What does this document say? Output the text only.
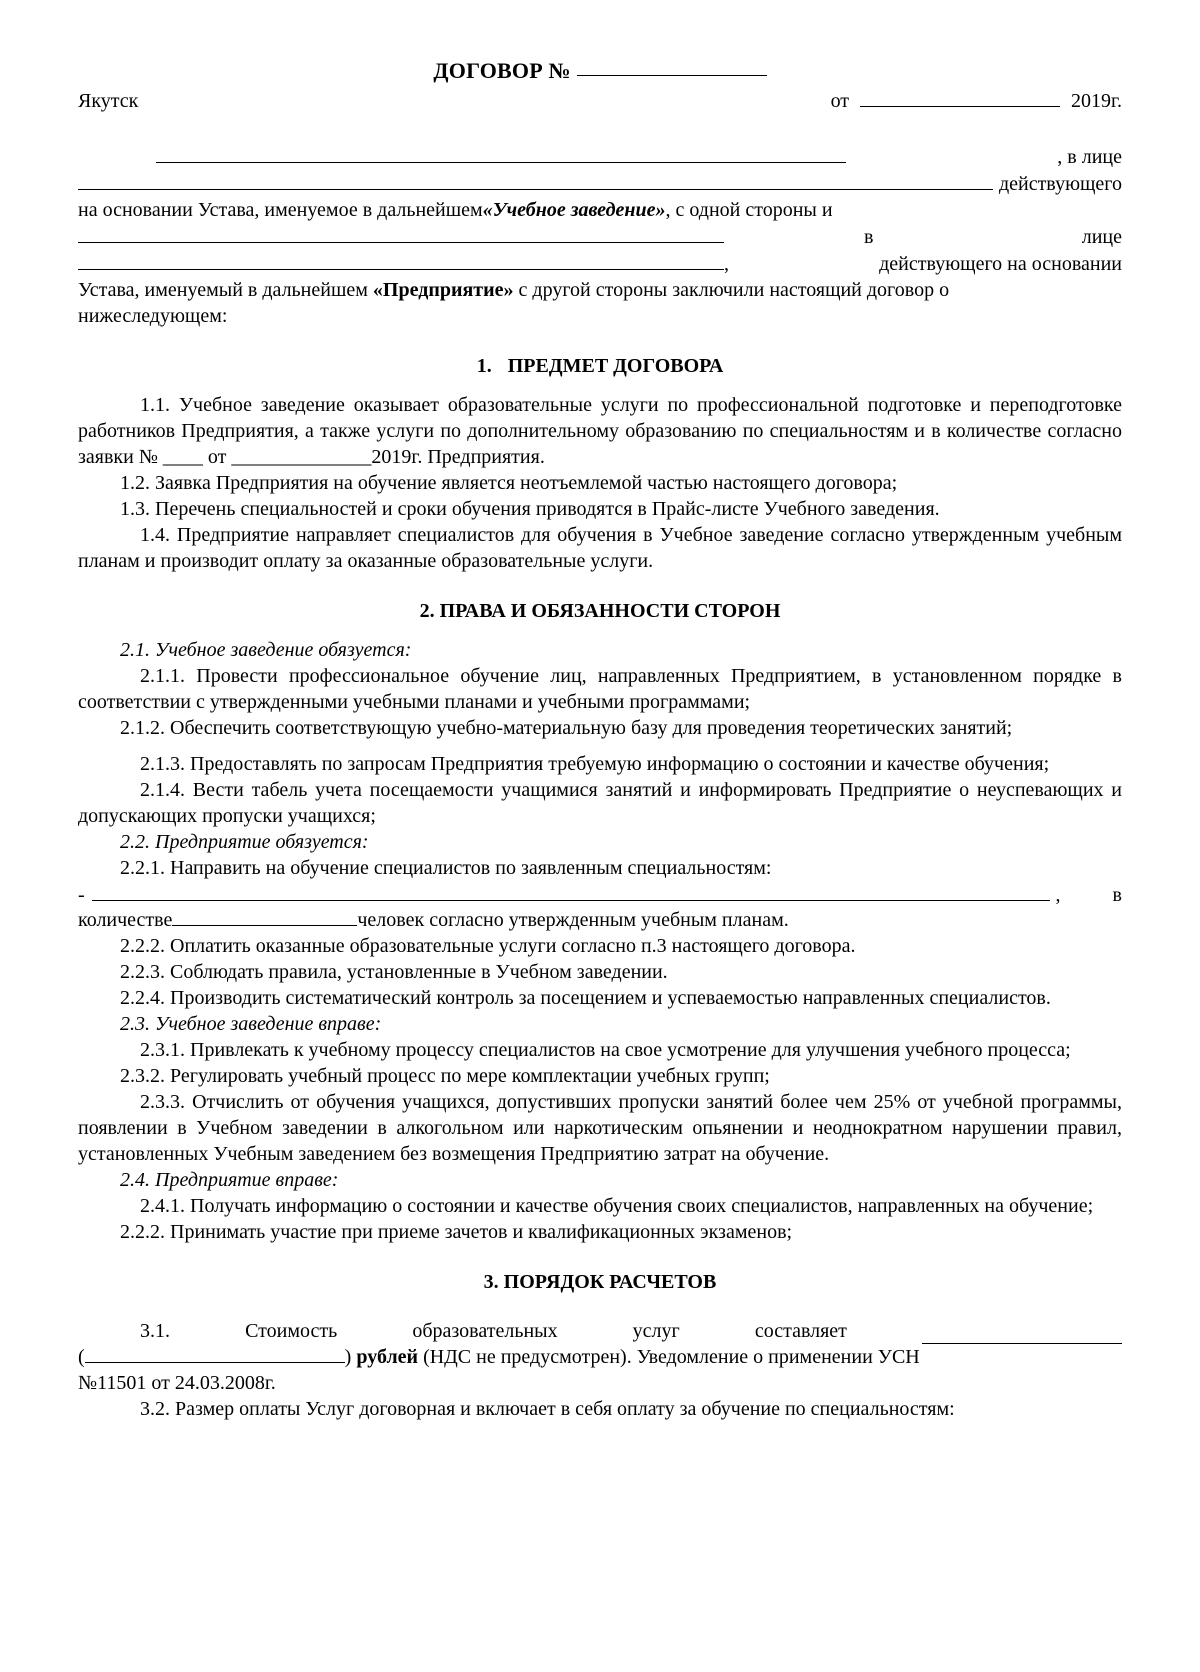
ДОГОВОР №
Якутск	от	2019г.
, в лице
действующего
на основании Устава, именуемое в дальнейшем «Учебное заведение» , с одной стороны и
в	лице
,	действующего на основании
Устава, именуемый в дальнейшем «Предприятие» с другой стороны заключили настоящий договор о
нижеследующем:
1. ПРЕДМЕТ ДОГОВОРА

1.1. Учебное заведение оказывает образовательные услуги по профессиональной подготовке и переподготовке работников Предприятия, а также услуги по дополнительному образованию по специальностям и в количестве согласно заявки № ____ от ______________2019г. Предприятия.

1.2. Заявка Предприятия на обучение является неотъемлемой частью настоящего договора;

1.3. Перечень специальностей и сроки обучения приводятся в Прайс-листе Учебного заведения.

1.4. Предприятие направляет специалистов для обучения в Учебное заведение согласно утвержденным учебным планам и производит оплату за оказанные образовательные услуги.

2. ПРАВА И ОБЯЗАННОСТИ СТОРОН

2.1. Учебное заведение обязуется:

2.1.1. Провести профессиональное обучение лиц, направленных Предприятием, в установленном порядке в соответствии с утвержденными учебными планами и учебными программами;

2.1.2. Обеспечить соответствующую учебно-материальную базу для проведения теоретических занятий;

2.1.3. Предоставлять по запросам Предприятия требуемую информацию о состоянии и качестве обучения;

2.1.4. Вести табель учета посещаемости учащимися занятий и информировать Предприятие о неуспевающих и допускающих пропуски учащихся;

2.2. Предприятие обязуется:

2.2.1. Направить на обучение специалистов по заявленным специальностям:

-	,	в
количестве	человек согласно утвержденным учебным планам.

2.2.2. Оплатить оказанные образовательные услуги согласно п.3 настоящего договора.

2.2.3. Соблюдать правила, установленные в Учебном заведении.

2.2.4. Производить систематический контроль за посещением и успеваемостью направленных специалистов.

2.3. Учебное заведение вправе:

2.3.1. Привлекать к учебному процессу специалистов на свое усмотрение для улучшения учебного процесса;

2.3.2. Регулировать учебный процесс по мере комплектации учебных групп;

2.3.3. Отчислить от обучения учащихся, допустивших пропуски занятий более чем 25% от учебной программы, появлении в Учебном заведении в алкогольном или наркотическим опьянении и неоднократном нарушении правил, установленных Учебным заведением без возмещения Предприятию затрат на обучение.

2.4. Предприятие вправе:

2.4.1. Получать информацию о состоянии и качестве обучения своих специалистов, направленных на обучение;

2.2.2. Принимать участие при приеме зачетов и квалификационных экзаменов;

3. ПОРЯДОК РАСЧЕТОВ
3.1.	Стоимость	образовательных	услуг	составляет
(	) рублей (НДС не предусмотрен). Уведомление о применении УСН
№11501 от 24.03.2008г.

3.2. Размер оплаты Услуг договорная и включает в себя оплату за обучение по специальностям:
